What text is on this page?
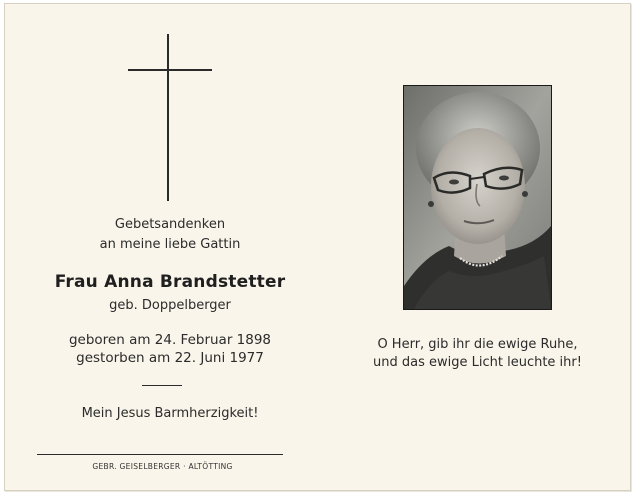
Gebetsandenken
an meine liebe Gattin
Frau Anna Brandstetter
geb. Doppelberger
geboren am 24. Februar 1898
gestorben am 22. Juni 1977
Mein Jesus Barmherzigkeit!
GEBR. GEISELBERGER · ALTÖTTING
O Herr, gib ihr die ewige Ruhe,
und das ewige Licht leuchte ihr!
